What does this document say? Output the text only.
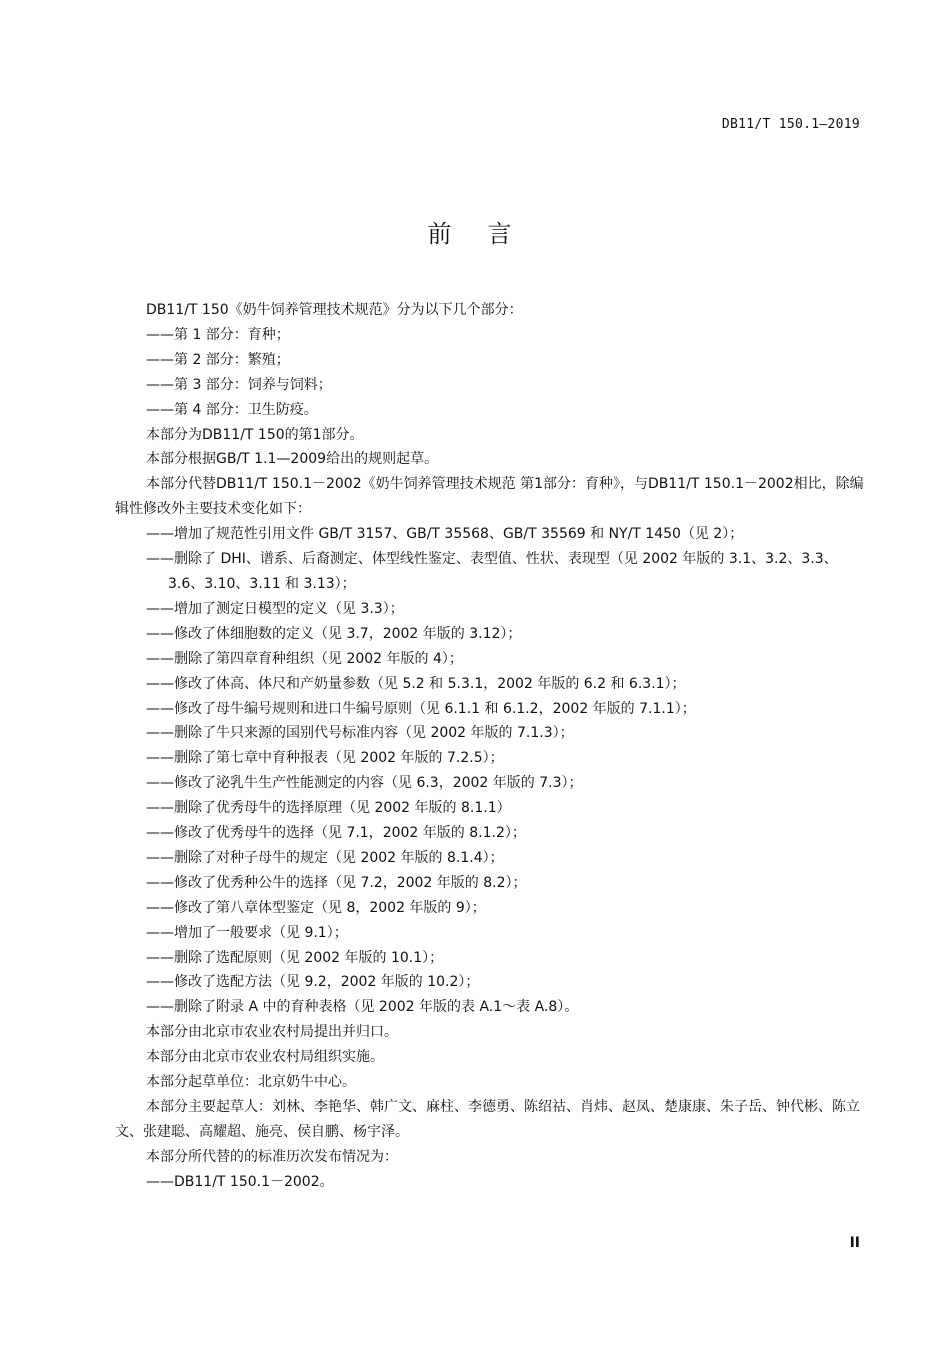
DB11/T 150.1—2019
前言

DB11/T 150《奶牛饲养管理技术规范》分为以下几个部分：

——第 1 部分：育种；

——第 2 部分：繁殖；

——第 3 部分：饲养与饲料；

——第 4 部分：卫生防疫。

本部分为DB11/T 150的第1部分。

本部分根据GB/T 1.1—2009给出的规则起草。

本部分代替DB11/T 150.1－2002《奶牛饲养管理技术规范 第1部分：育种》，与DB11/T 150.1－2002相比，除编辑性修改外主要技术变化如下：

——增加了规范性引用文件 GB/T 3157、GB/T 35568、GB/T 35569 和 NY/T 1450（见 2）；

——删除了 DHI、谱系、后裔测定、体型线性鉴定、表型值、性状、表现型（见 2002 年版的 3.1、3.2、3.3、3.6、3.10、3.11 和 3.13）；

——增加了测定日模型的定义（见 3.3）；

——修改了体细胞数的定义（见 3.7，2002 年版的 3.12）；

——删除了第四章育种组织（见 2002 年版的 4）；

——修改了体高、体尺和产奶量参数（见 5.2 和 5.3.1，2002 年版的 6.2 和 6.3.1）；

——修改了母牛编号规则和进口牛编号原则（见 6.1.1 和 6.1.2，2002 年版的 7.1.1）；

——删除了牛只来源的国别代号标准内容（见 2002 年版的 7.1.3）；

——删除了第七章中育种报表（见 2002 年版的 7.2.5）；

——修改了泌乳牛生产性能测定的内容（见 6.3，2002 年版的 7.3）；

——删除了优秀母牛的选择原理（见 2002 年版的 8.1.1）

——修改了优秀母牛的选择（见 7.1，2002 年版的 8.1.2）；

——删除了对种子母牛的规定（见 2002 年版的 8.1.4）；

——修改了优秀种公牛的选择（见 7.2，2002 年版的 8.2）；

——修改了第八章体型鉴定（见 8，2002 年版的 9）；

——增加了一般要求（见 9.1）；

——删除了选配原则（见 2002 年版的 10.1）；

——修改了选配方法（见 9.2，2002 年版的 10.2）；

——删除了附录 A 中的育种表格（见 2002 年版的表 A.1～表 A.8）。

本部分由北京市农业农村局提出并归口。

本部分由北京市农业农村局组织实施。

本部分起草单位：北京奶牛中心。

本部分主要起草人：刘林、李艳华、韩广文、麻柱、李德勇、陈绍祜、肖炜、赵凤、楚康康、朱子岳、钟代彬、陈立文、张建聪、高耀超、施亮、侯自鹏、杨宇泽。

本部分所代替的的标准历次发布情况为：

——DB11/T 150.1－2002。

II
